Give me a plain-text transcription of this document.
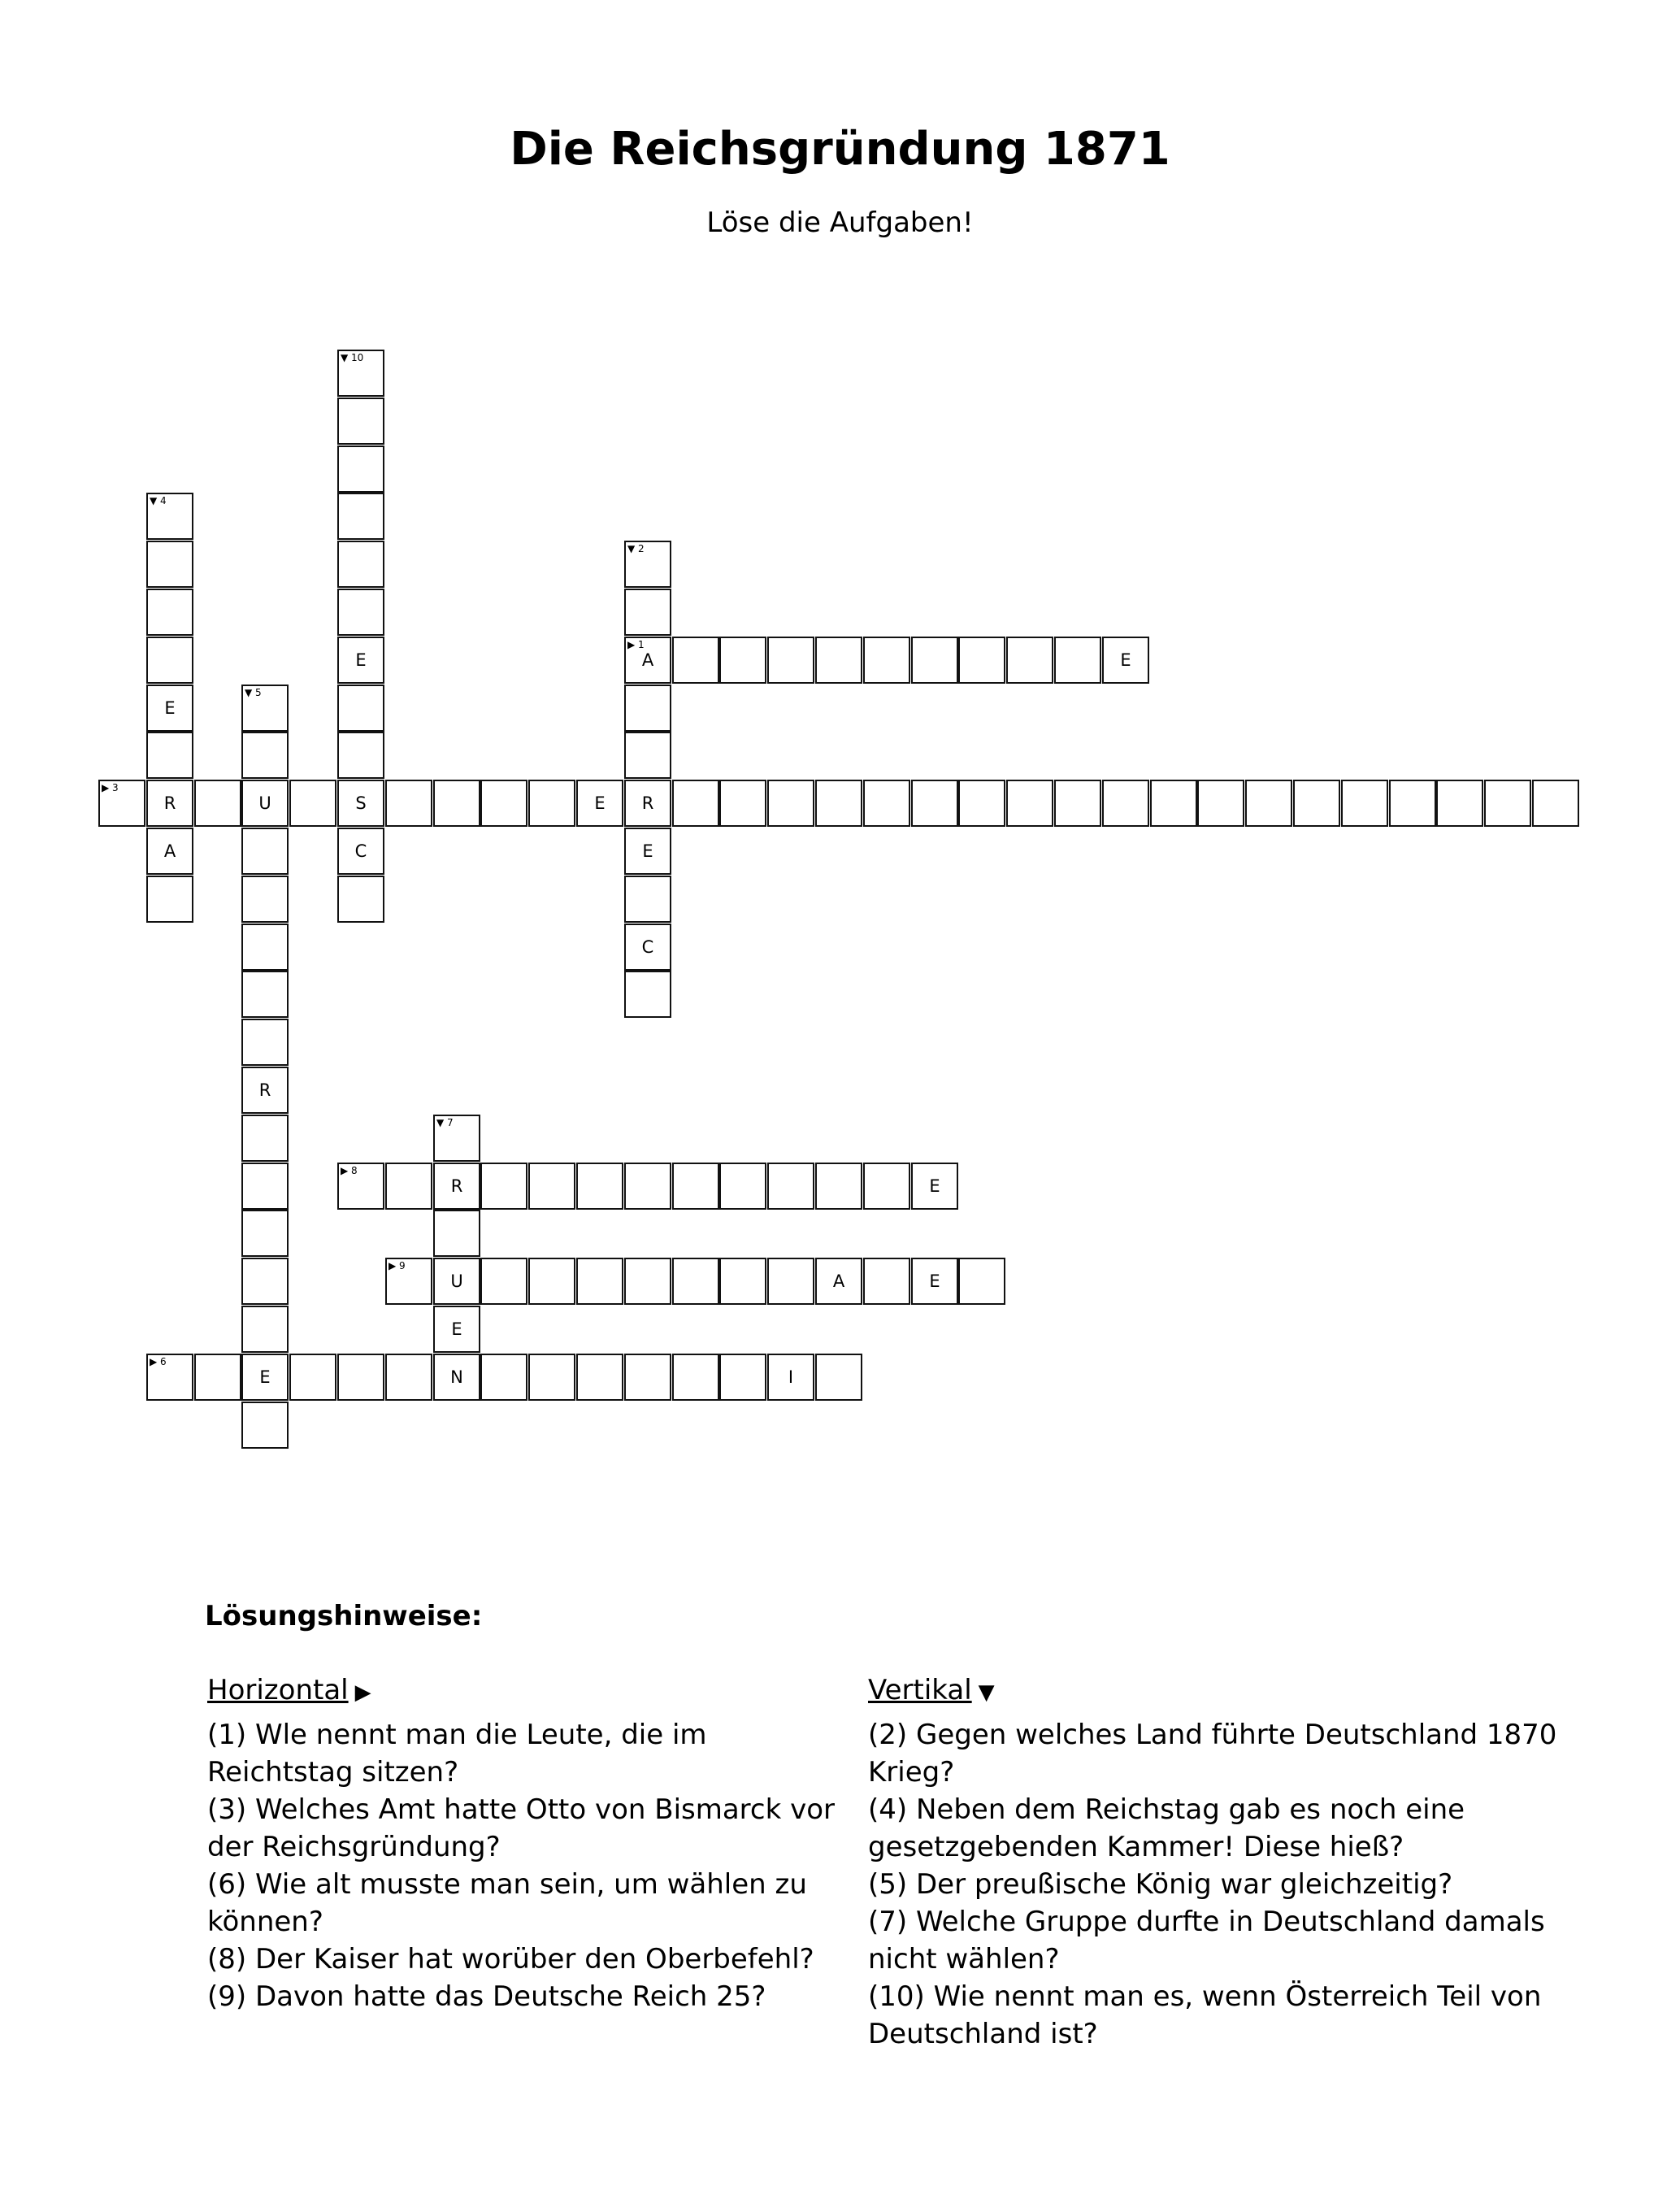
Die Reichsgründung 1871
Löse die Aufgaben!
▶ 1
A	E
▼ 2
R
E
C
▶ 3
R	U	S	E
▼ 4
E
A
▼ 5
R
E
▶ 6
N	I
▼ 7
R
U
E
▶ 8
E
▶ 9
A	E
▼ 10
E
C
Lösungshinweise:
Horizontal ▶

(1) Wle nennt man die Leute, die im Reichtstag sitzen?

(3) Welches Amt hatte Otto von Bismarck vor der Reichsgründung?

(6) Wie alt musste man sein, um wählen zu können?

(8) Der Kaiser hat worüber den Oberbefehl?

(9) Davon hatte das Deutsche Reich 25?

Vertikal ▼

(2) Gegen welches Land führte Deutschland 1870 Krieg?

(4) Neben dem Reichstag gab es noch eine gesetzgebenden Kammer! Diese hieß?

(5) Der preußische König war gleichzeitig?

(7) Welche Gruppe durfte in Deutschland damals nicht wählen?

(10) Wie nennt man es, wenn Österreich Teil von Deutschland ist?
